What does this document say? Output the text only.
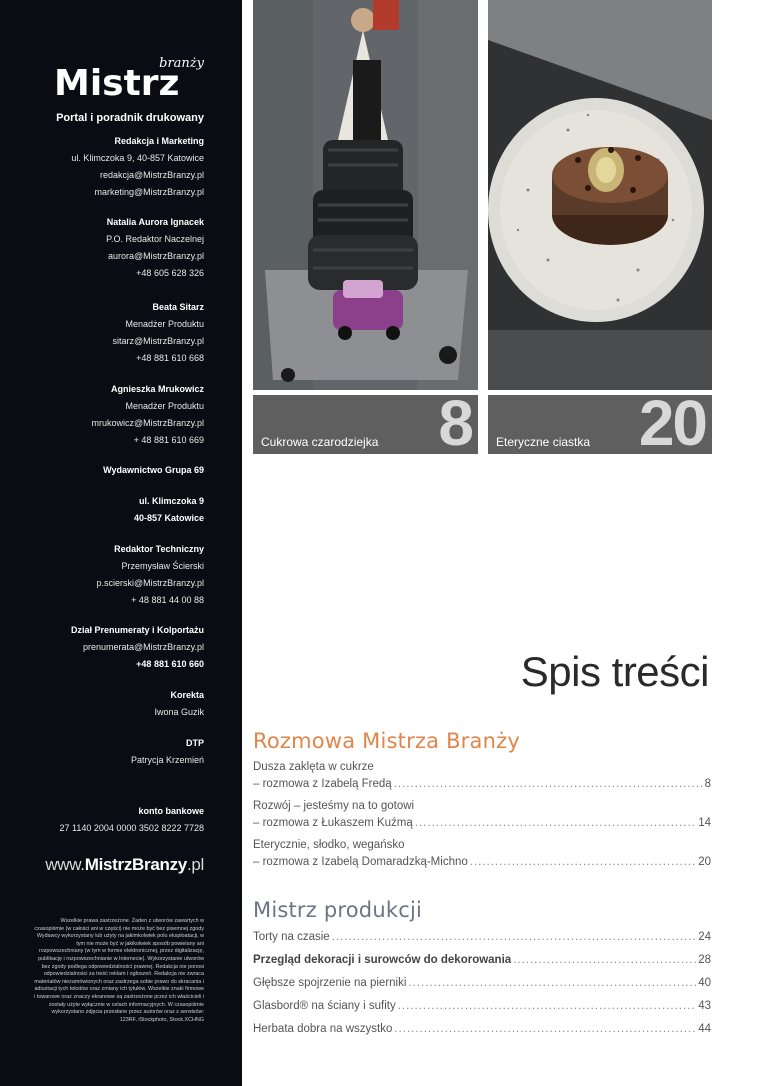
branży
Mistrz
Portal i poradnik drukowany
Redakcja i Marketing
ul. Klimczoka 9, 40-857 Katowice
redakcja@MistrzBranzy.pl
marketing@MistrzBranzy.pl
Natalia Aurora Ignacek
P.O. Redaktor Naczelnej
aurora@MistrzBranzy.pl
+48 605 628 326
Beata Sitarz
Menadżer Produktu
sitarz@MistrzBranzy.pl
+48 881 610 668
Agnieszka Mrukowicz
Menadżer Produktu
mrukowicz@MistrzBranzy.pl
+ 48 881 610 669
Wydawnictwo Grupa 69
ul. Klimczoka 9
40-857 Katowice
Redaktor Techniczny
Przemysław Ścierski
p.scierski@MistrzBranzy.pl
+ 48 881 44 00 88
Dział Prenumeraty i Kolportażu
prenumerata@MistrzBranzy.pl
+48 881 610 660
Korekta
Iwona Guzik
DTP
Patrycja Krzemień
konto bankowe
27 1140 2004 0000 3502 8222 7728
www.MistrzBranzy.pl
Wszelkie prawa zastrzeżone. Żaden z utworów zawartych w czasopiśmie (w całości ani w części) nie może być bez pisemnej zgody Wydawcy wykorzystany lub użyty na jakimkolwiek polu eksploatacji, w tym nie może być w jakikolwiek sposób powielany ani rozpowszechniany (w tym w formie elektronicznej, przez digitalizację, publikację i rozpowszechnianie w Internecie). Wykorzystanie utworów bez zgody podlega odpowiedzialności prawnej. Redakcja nie ponosi odpowiedzialności za treść reklam i ogłoszeń. Redakcja nie zwraca materiałów niezamówionych oraz zastrzega sobie prawo do skracania i adiustacji tych tekstów oraz zmiany ich tytułów. Wszelkie znaki firmowe i towarowe oraz znaczy ekranowe są zastrzeżone przez ich właścicieli i zostały użyte wyłącznie w celach informacyjnych. W czasopiśmie wykorzystano zdjęcia przesłane przez autorów oraz z serwisów: 123RF, iStockphoto, Stock.XCHNG
Cukrowa czarodziejka 8 Eteryczne ciastka 20
Spis treści
Rozmowa Mistrza Branży
Dusza zaklęta w cukrze
– rozmowa z Izabelą Fredą .....	8
Rozwój – jesteśmy na to gotowi
– rozmowa z Łukaszem Kuźmą .....	14
Eterycznie, słodko, wegańsko
– rozmowa z Izabelą Domaradzką-Michno .....	20
Mistrz produkcji
Torty na czasie .....	24
Przegląd dekoracji i surowców do dekorowania .....	28
Głębsze spojrzenie na pierniki .....	40
Glasbord® na ściany i sufity .....	43
Herbata dobra na wszystko .....	44
